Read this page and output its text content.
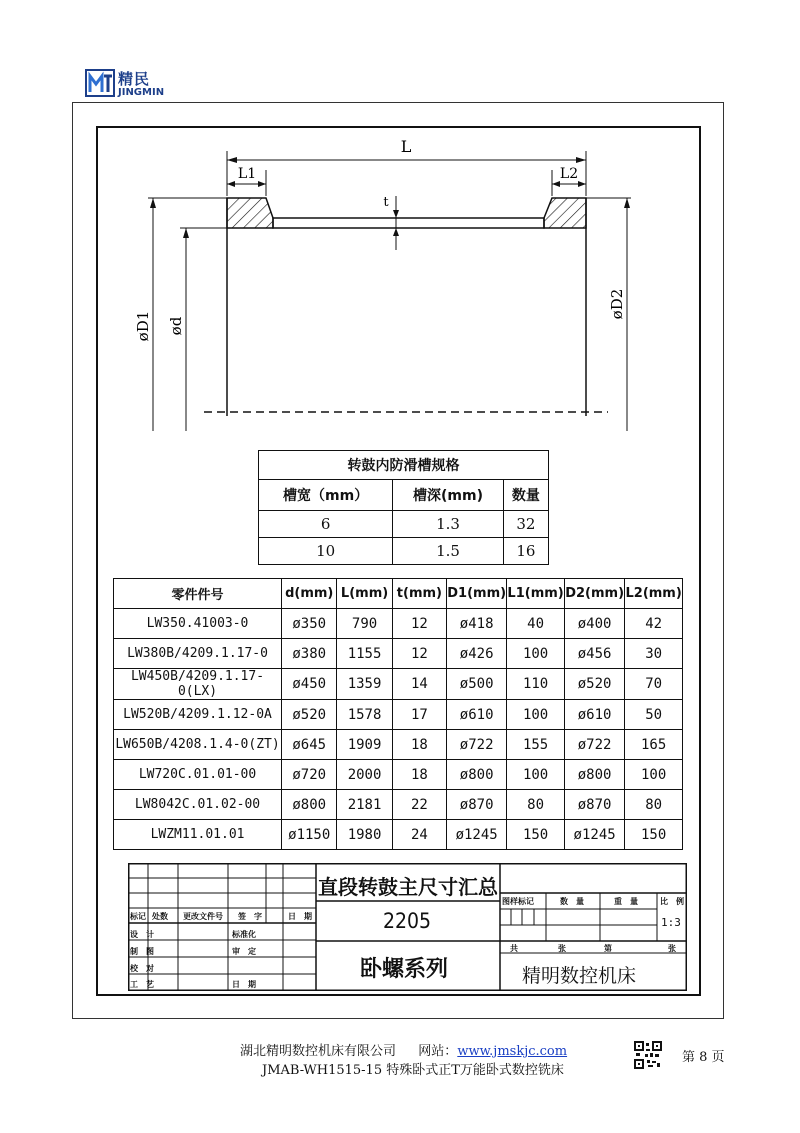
精民
JINGMIN
L
L1	L2
t
øD1 ød
øD2
转鼓内防滑槽规格		
槽宽（mm）	槽深(mm)	数量
6	1.3	32
10	1.5	16
零件件号	d(mm)	L(mm)	t(mm)	D1(mm)	L1(mm)	D2(mm)	L2(mm)
LW350.41003-0	ø350	790	12	ø418	40	ø400	42
LW380B/4209.1.17-0	ø380	1155	12	ø426	100	ø456	30
LW450B/4209.1.17-0(LX)	ø450	1359	14	ø500	110	ø520	70
LW520B/4209.1.12-0A	ø520	1578	17	ø610	100	ø610	50
LW650B/4208.1.4-0(ZT)	ø645	1909	18	ø722	155	ø722	165
LW720C.01.01-00	ø720	2000	18	ø800	100	ø800	100
LW8042C.01.02-00	ø800	2181	22	ø870	80	ø870	80
LWZM11.01.01	ø1150	1980	24	ø1245	150	ø1245	150
标记 处数 更改文件号 签　字	日　期
设　计	标准化
制　图	审　定
校　对
工　艺	日　期
直段转鼓主尺寸汇总
2205
卧螺系列
图样标记	数　量	重　量	比　例
1:3
共	张	第	张
精明数控机床
湖北精明数控机床有限公司 网站：www.jmskjc.com
JMAB-WH1515-15 特殊卧式正T万能卧式数控铣床
第 8 页
